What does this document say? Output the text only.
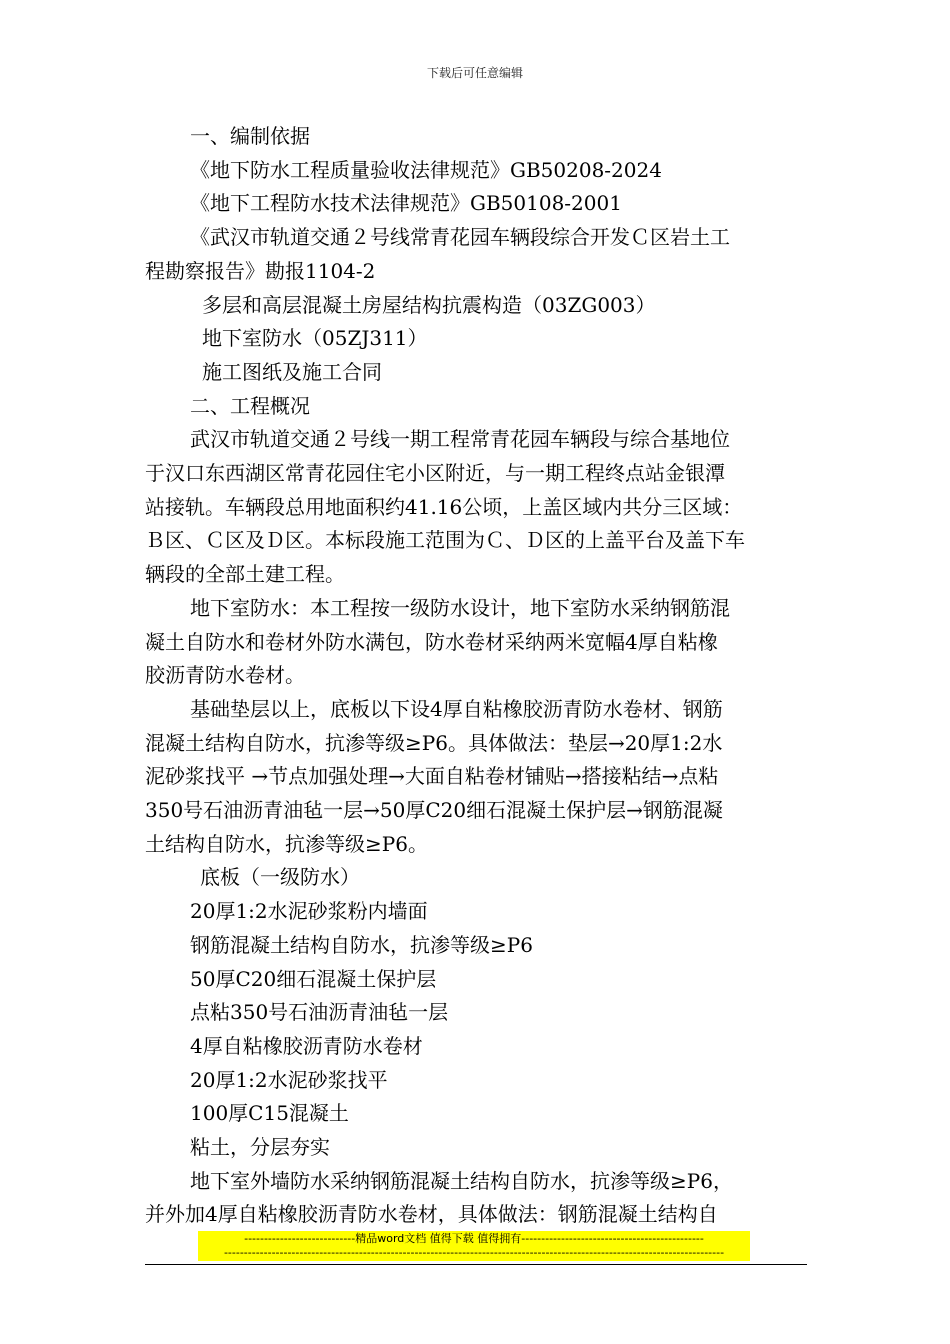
下载后可任意编辑
一、编制依据
《地下防水工程质量验收法律规范》GB50208-2024
《地下工程防水技术法律规范》GB50108-2001
《武汉市轨道交通２号线常青花园车辆段综合开发Ｃ区岩土工
程勘察报告》勘报1104-2
多层和高层混凝土房屋结构抗震构造（03ZG003）
地下室防水（05ZJ311）
施工图纸及施工合同
二、工程概况
武汉市轨道交通２号线一期工程常青花园车辆段与综合基地位
于汉口东西湖区常青花园住宅小区附近，与一期工程终点站金银潭
站接轨。车辆段总用地面积约41.16公顷，上盖区域内共分三区域：
Ｂ区、Ｃ区及Ｄ区。本标段施工范围为Ｃ、Ｄ区的上盖平台及盖下车
辆段的全部土建工程。
地下室防水：本工程按一级防水设计，地下室防水采纳钢筋混
凝土自防水和卷材外防水满包，防水卷材采纳两米宽幅4厚自粘橡
胶沥青防水卷材。
基础垫层以上，底板以下设4厚自粘橡胶沥青防水卷材、钢筋
混凝土结构自防水，抗渗等级≥P6。具体做法：垫层→20厚1:2水
泥砂浆找平 →节点加强处理→大面自粘卷材铺贴→搭接粘结→点粘
350号石油沥青油毡一层→50厚C20细石混凝土保护层→钢筋混凝
土结构自防水，抗渗等级≥P6。
底板（一级防水）
20厚1:2水泥砂浆粉内墙面
钢筋混凝土结构自防水，抗渗等级≥P6
50厚C20细石混凝土保护层
点粘350号石油沥青油毡一层
4厚自粘橡胶沥青防水卷材
20厚1:2水泥砂浆找平
100厚C15混凝土
粘土，分层夯实
地下室外墙防水采纳钢筋混凝土结构自防水，抗渗等级≥P6，
并外加4厚自粘橡胶沥青防水卷材，具体做法：钢筋混凝土结构自
----------------------------精品word文档 值得下载 值得拥有----------------------------------------------
------------------------------------------------------------------------------------------------------------------------------
